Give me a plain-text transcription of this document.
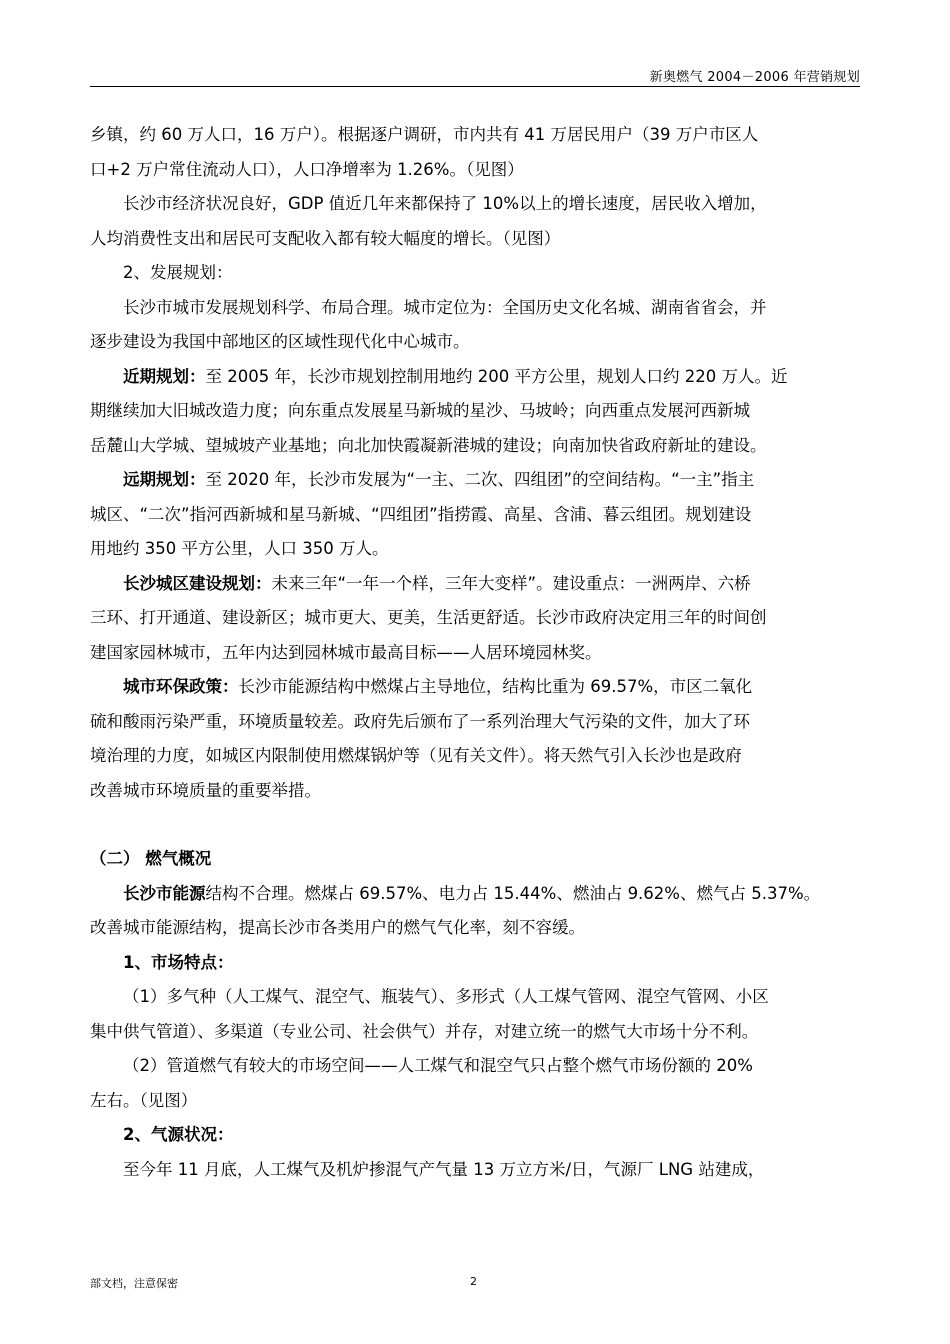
新奥燃气 2004－2006 年营销规划

乡镇，约 60 万人口，16 万户）。根据逐户调研，市内共有 41 万居民用户（39 万户市区人

口+2 万户常住流动人口），人口净增率为 1.26%。（见图）

长沙市经济状况良好，GDP 值近几年来都保持了 10%以上的增长速度，居民收入增加，

人均消费性支出和居民可支配收入都有较大幅度的增长。（见图）

2、发展规划：

长沙市城市发展规划科学、布局合理。城市定位为：全国历史文化名城、湖南省省会，并

逐步建设为我国中部地区的区域性现代化中心城市。

近期规划：至 2005 年，长沙市规划控制用地约 200 平方公里，规划人口约 220 万人。近

期继续加大旧城改造力度；向东重点发展星马新城的星沙、马坡岭；向西重点发展河西新城

岳麓山大学城、望城坡产业基地；向北加快霞凝新港城的建设；向南加快省政府新址的建设。

远期规划：至 2020 年，长沙市发展为“一主、二次、四组团”的空间结构。“一主”指主

城区、“二次”指河西新城和星马新城、“四组团”指捞霞、高星、含浦、暮云组团。规划建设

用地约 350 平方公里，人口 350 万人。

长沙城区建设规划：未来三年“一年一个样，三年大变样”。建设重点：一洲两岸、六桥

三环、打开通道、建设新区；城市更大、更美，生活更舒适。长沙市政府决定用三年的时间创

建国家园林城市，五年内达到园林城市最高目标——人居环境园林奖。

城市环保政策：长沙市能源结构中燃煤占主导地位，结构比重为 69.57%，市区二氧化

硫和酸雨污染严重，环境质量较差。政府先后颁布了一系列治理大气污染的文件，加大了环

境治理的力度，如城区内限制使用燃煤锅炉等（见有关文件）。将天然气引入长沙也是政府

改善城市环境质量的重要举措。

（二） 燃气概况

长沙市能源结构不合理。燃煤占 69.57%、电力占 15.44%、燃油占 9.62%、燃气占 5.37%。

改善城市能源结构，提高长沙市各类用户的燃气气化率，刻不容缓。

1、市场特点：

（1）多气种（人工煤气、混空气、瓶装气）、多形式（人工煤气管网、混空气管网、小区

集中供气管道）、多渠道（专业公司、社会供气）并存，对建立统一的燃气大市场十分不利。

（2）管道燃气有较大的市场空间——人工煤气和混空气只占整个燃气市场份额的 20%

左右。（见图）

2、气源状况：

至今年 11 月底，人工煤气及机炉掺混气产气量 13 万立方米/日，气源厂 LNG 站建成，

部文档，注意保密	2
